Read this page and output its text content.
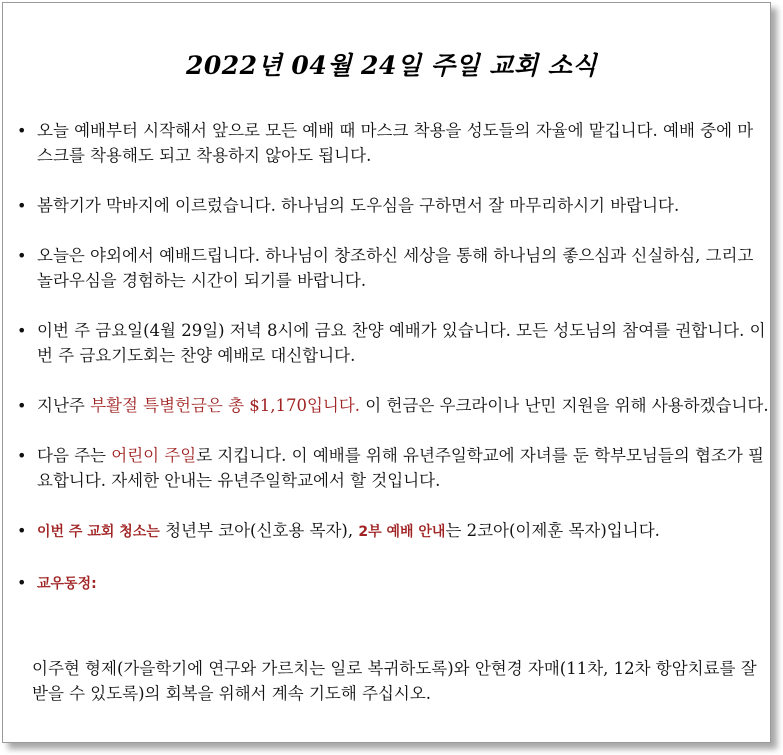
2022년 04월 24일 주일 교회 소식
• 오늘 예배부터 시작해서 앞으로 모든 예배 때 마스크 착용을 성도들의 자율에 맡깁니다. 예배 중에 마스크를 착용해도 되고 착용하지 않아도 됩니다.
• 봄학기가 막바지에 이르렀습니다. 하나님의 도우심을 구하면서 잘 마무리하시기 바랍니다.
• 오늘은 야외에서 예배드립니다. 하나님이 창조하신 세상을 통해 하나님의 좋으심과 신실하심, 그리고 놀라우심을 경험하는 시간이 되기를 바랍니다.
• 이번 주 금요일(4월 29일) 저녁 8시에 금요 찬양 예배가 있습니다. 모든 성도님의 참여를 권합니다. 이번 주 금요기도회는 찬양 예배로 대신합니다.
• 지난주 부활절 특별헌금은 총 $1,170입니다. 이 헌금은 우크라이나 난민 지원을 위해 사용하겠습니다.
• 다음 주는 어린이 주일로 지킵니다. 이 예배를 위해 유년주일학교에 자녀를 둔 학부모님들의 협조가 필요합니다. 자세한 안내는 유년주일학교에서 할 것입니다.
• 이번 주 교회 청소는 청년부 코아(신호용 목자), 2부 예배 안내는 2코아(이제훈 목자)입니다.
• 교우동정:
이주현 형제(가을학기에 연구와 가르치는 일로 복귀하도록)와 안현경 자매(11차, 12차 항암치료를 잘 받을 수 있도록)의 회복을 위해서 계속 기도해 주십시오.
